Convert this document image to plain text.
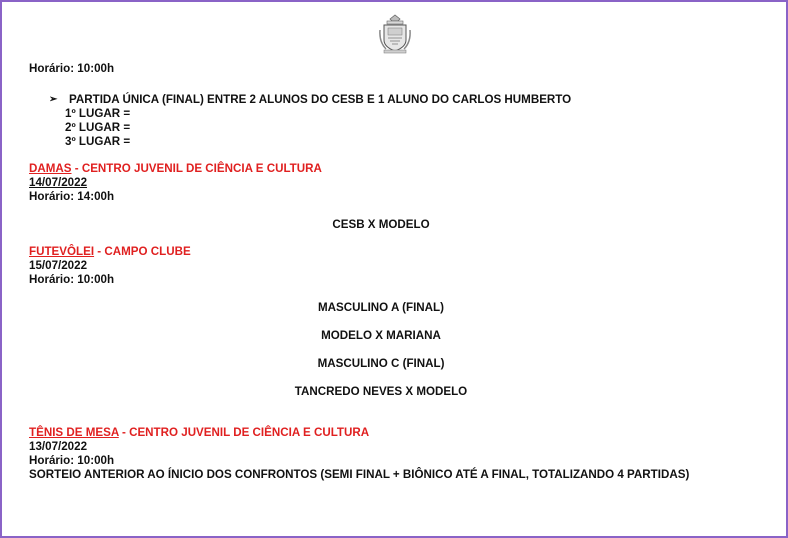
Horário: 10:00h
➢	PARTIDA ÚNICA (FINAL) ENTRE 2 ALUNOS DO CESB E 1 ALUNO DO CARLOS HUMBERTO
1º LUGAR =
2º LUGAR =
3º LUGAR =
DAMAS - CENTRO JUVENIL DE CIÊNCIA E CULTURA
14/07/2022
Horário: 14:00h
CESB X MODELO
FUTEVÔLEI - CAMPO CLUBE
15/07/2022
Horário: 10:00h
MASCULINO A (FINAL)
MODELO X MARIANA
MASCULINO C (FINAL)
TANCREDO NEVES X MODELO
TÊNIS DE MESA - CENTRO JUVENIL DE CIÊNCIA E CULTURA
13/07/2022
Horário: 10:00h
SORTEIO ANTERIOR AO ÍNICIO DOS CONFRONTOS (SEMI FINAL + BIÔNICO ATÉ A FINAL, TOTALIZANDO 4 PARTIDAS)
